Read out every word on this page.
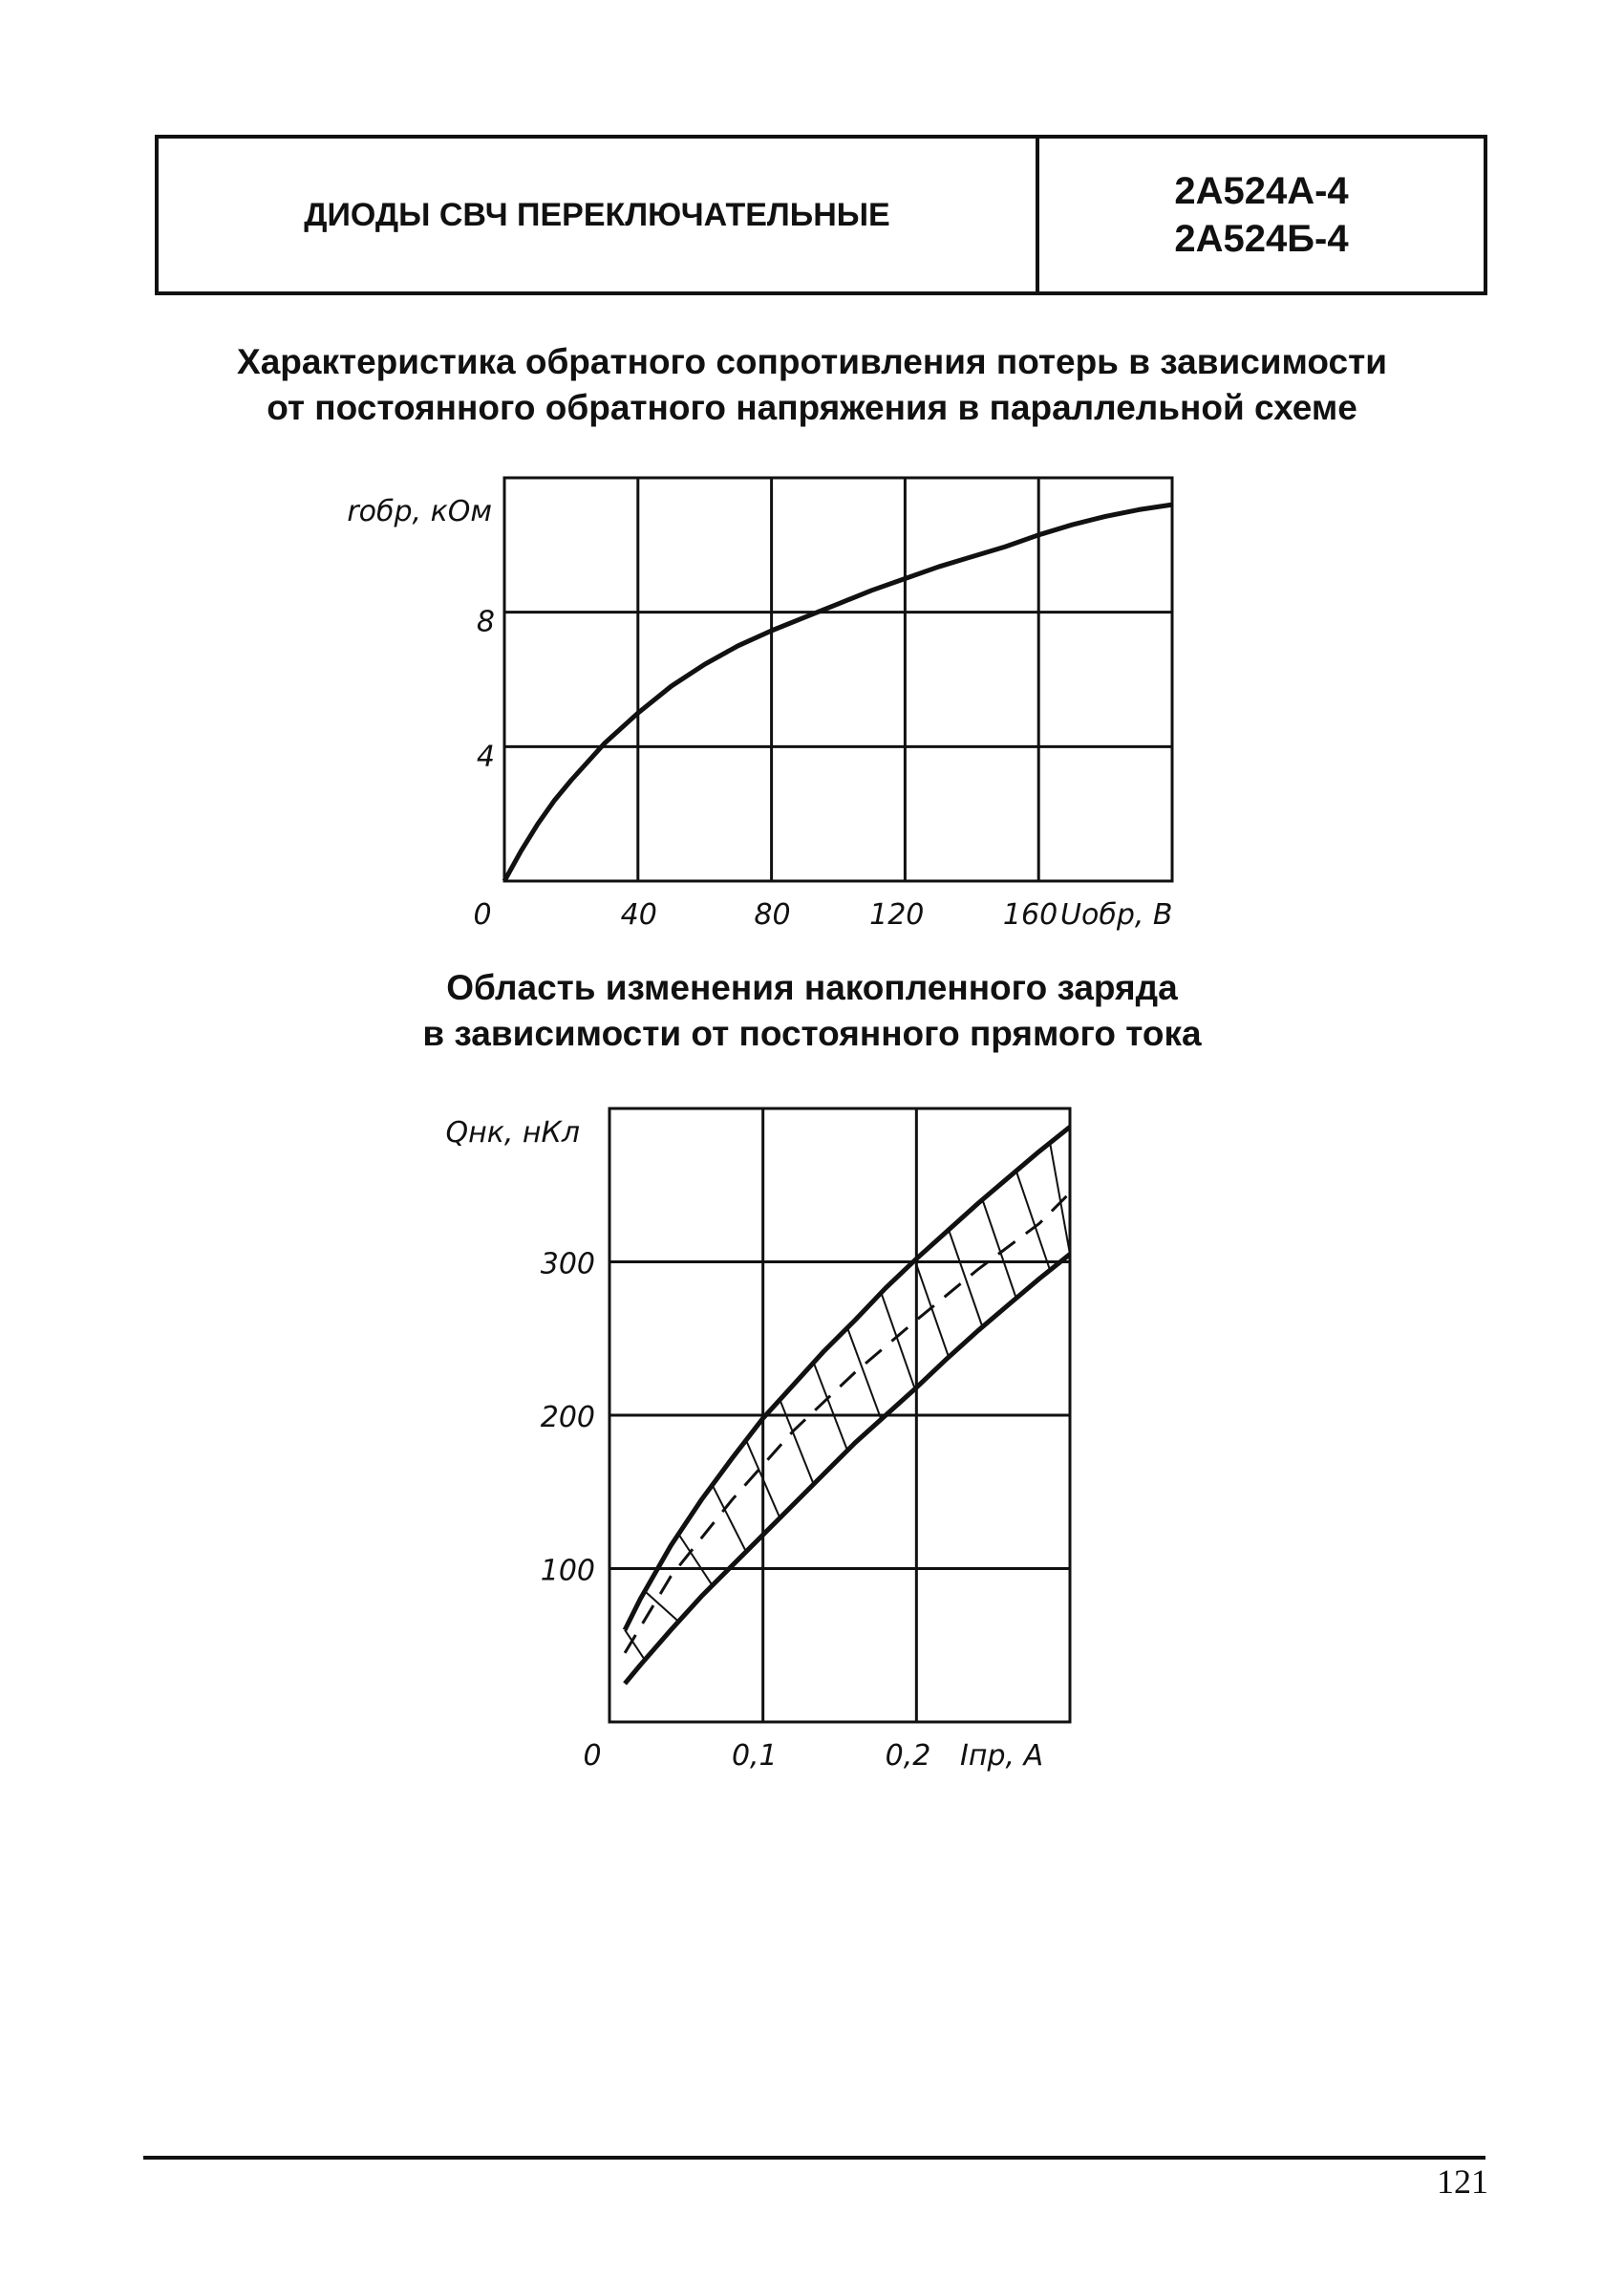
ДИОДЫ СВЧ ПЕРЕКЛЮЧАТЕЛЬНЫЕ
2А524А-4
2А524Б-4
Характеристика обратного сопротивления потерь в зависимости
от постоянного обратного напряжения в параллельной схеме
40	80	120	160
4
8
0
rобр, кОм
Uобр, В
Область изменения накопленного заряда
в зависимости от постоянного прямого тока
0,1	0,2
100
200
300
0
Qнк, нКл
Iпр, А
121
